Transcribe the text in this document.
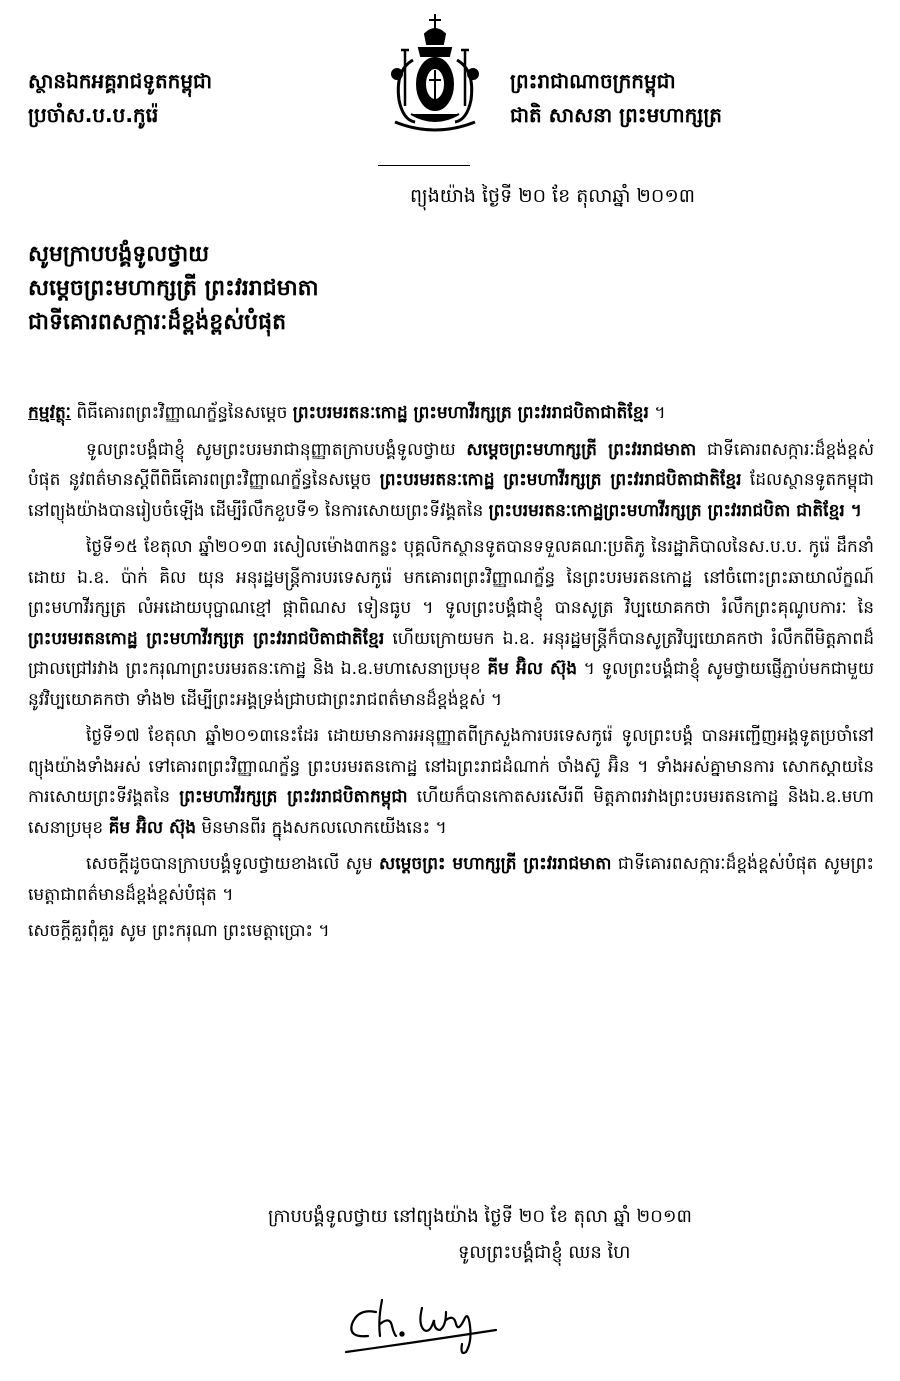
ស្ថានឯកអគ្គរាជទូតកម្ពុជា
ប្រចាំស.ប.ប.កូរ៉េ
ព្រះរាជាណាចក្រកម្ពុជា
ជាតិ សាសនា ព្រះមហាក្សត្រ
ព្យុងយ៉ាង ថ្ងៃទី ២០ ខែ តុលាឆ្នាំ ២០១៣
សូមក្រាបបង្គំទូលថ្វាយ
សម្តេចព្រះមហាក្សត្រី ព្រះវររាជមាតា
ជាទីគោរពសក្ការៈដ៏ខ្ពង់ខ្ពស់បំផុត

កម្មវត្ថុៈ ពិធីគោរពព្រះវិញ្ញាណក្ខ័ន្ធនៃសម្តេច ព្រះបរមរតនៈកោដ្ឋ ព្រះមហាវីរក្សត្រ ព្រះវររាជបិតាជាតិខ្មែរ ។

ទូលព្រះបង្គំជាខ្ញុំ សូមព្រះបរមរាជានុញ្ញាតក្រាបបង្គំទូលថ្វាយ សម្តេចព្រះមហាក្សត្រី ព្រះវររាជមាតា ជាទីគោរពសក្ការៈដ៏ខ្ពង់ខ្ពស់បំផុត នូវពត៌មានស្តីពីពិធីគោរពព្រះវិញ្ញាណក្ខ័ន្ធនៃសម្តេច ព្រះបរមរតនៈកោដ្ឋ ព្រះមហាវីរក្សត្រ ព្រះវររាជបិតាជាតិខ្មែរ ដែលស្ថានទូតកម្ពុជានៅព្យុងយ៉ាងបានរៀបចំឡើង ដើម្បីរំលឹកខួបទី១ នៃការសោយព្រះទីវង្គតនៃ ព្រះបរមរតនៈកោដ្ឋព្រះមហាវីរក្សត្រ ព្រះវររាជបិតា ជាតិខ្មែរ ។

ថ្ងៃទី១៥ ខែតុលា ឆ្នាំ២០១៣ រសៀលម៉ោង៣កន្លះ បុគ្គលិកស្ថានទូតបានទទួលគណៈប្រតិភូ នៃរដ្ឋាភិបាលនៃស.ប.ប. កូរ៉េ ដឹកនាំដោយ ឯ.ឧ. ប៉ាក់ គិល យុន អនុរដ្ឋមន្ត្រីការបរទេសកូរ៉េ មកគោរពព្រះវិញ្ញាណក្ខ័ន្ធ នៃព្រះបរមរតនកោដ្ឋ នៅចំពោះព្រះឆាយាល័ក្ខណ៍ ព្រះមហាវីរក្សត្រ លំអដោយបុប្ផាណខ្មៅ ផ្កាពិណស ទៀនធូប ។ ទូលព្រះបង្គំជាខ្ញុំ បានសូត្រ វិប្បយោគកថា រំលឹកព្រះគុណូបការៈ នៃ ព្រះបរមរតនកោដ្ឋ ព្រះមហាវីរក្សត្រ ព្រះវររាជបិតាជាតិខ្មែរ ហើយក្រោយមក ឯ.ឧ. អនុរដ្ឋមន្ត្រីក៏បានសូត្រវិប្បយោគកថា រំលឹកពីមិត្តភាពដ៏ជ្រាលជ្រៅរវាង ព្រះករុណាព្រះបរមរតនៈកោដ្ឋ និង ឯ.ឧ.មហាសេនាប្រមុខ គីម អ៊ិល ស៊ុង ។ ទូលព្រះបង្គំជាខ្ញុំ សូមថ្វាយផ្ញើភ្ជាប់មកជាមួយ នូវវិប្បយោគកថា ទាំង២ ដើម្បីព្រះអង្គទ្រង់ជ្រាបជាព្រះរាជពត៌មានដ៏ខ្ពង់ខ្ពស់ ។

ថ្ងៃទី១៧ ខែតុលា ឆ្នាំ២០១៣នេះដែរ ដោយមានការអនុញ្ញាតពីក្រសួងការបរទេសកូរ៉េ ទូលព្រះបង្គំ បានអញ្ជើញអង្គទូតប្រចាំនៅព្យុងយ៉ាងទាំងអស់ ទៅគោរពព្រះវិញ្ញាណក្ខ័ន្ធ ព្រះបរមរតនកោដ្ឋ នៅឯព្រះរាជដំណាក់ ចាំងស៊ូ អ៊ិន ។ ទាំងអស់គ្នាមានការ សោកស្តាយនៃការសោយព្រះទីវង្គតនៃ ព្រះមហាវីរក្សត្រ ព្រះវររាជបិតាកម្ពុជា ហើយក៏បានកោតសរសើរពី មិត្តភាពរវាងព្រះបរមរតនកោដ្ឋ និងឯ.ឧ.មហាសេនាប្រមុខ គីម អ៊ិល ស៊ុង មិនមានពីរ ក្នុងសកលលោកយើងនេះ ។

សេចក្តីដូចបានក្រាបបង្គំទូលថ្វាយខាងលើ សូម សម្តេចព្រះ មហាក្សត្រី ព្រះវររាជមាតា ជាទីគោរពសក្ការៈដ៏ខ្ពង់ខ្ពស់បំផុត សូមព្រះមេត្តាជាពត៌មានដ៏ខ្ពង់ខ្ពស់បំផុត ។

សេចក្តីគួរពុំគួរ សូម ព្រះករុណា ព្រះមេត្តាប្រោះ ។

ក្រាបបង្គំទូលថ្វាយ នៅព្យុងយ៉ាង ថ្ងៃទី ២០ ខែ តុលា ឆ្នាំ ២០១៣
ទូលព្រះបង្គំជាខ្ញុំ ឈន ហៃ
